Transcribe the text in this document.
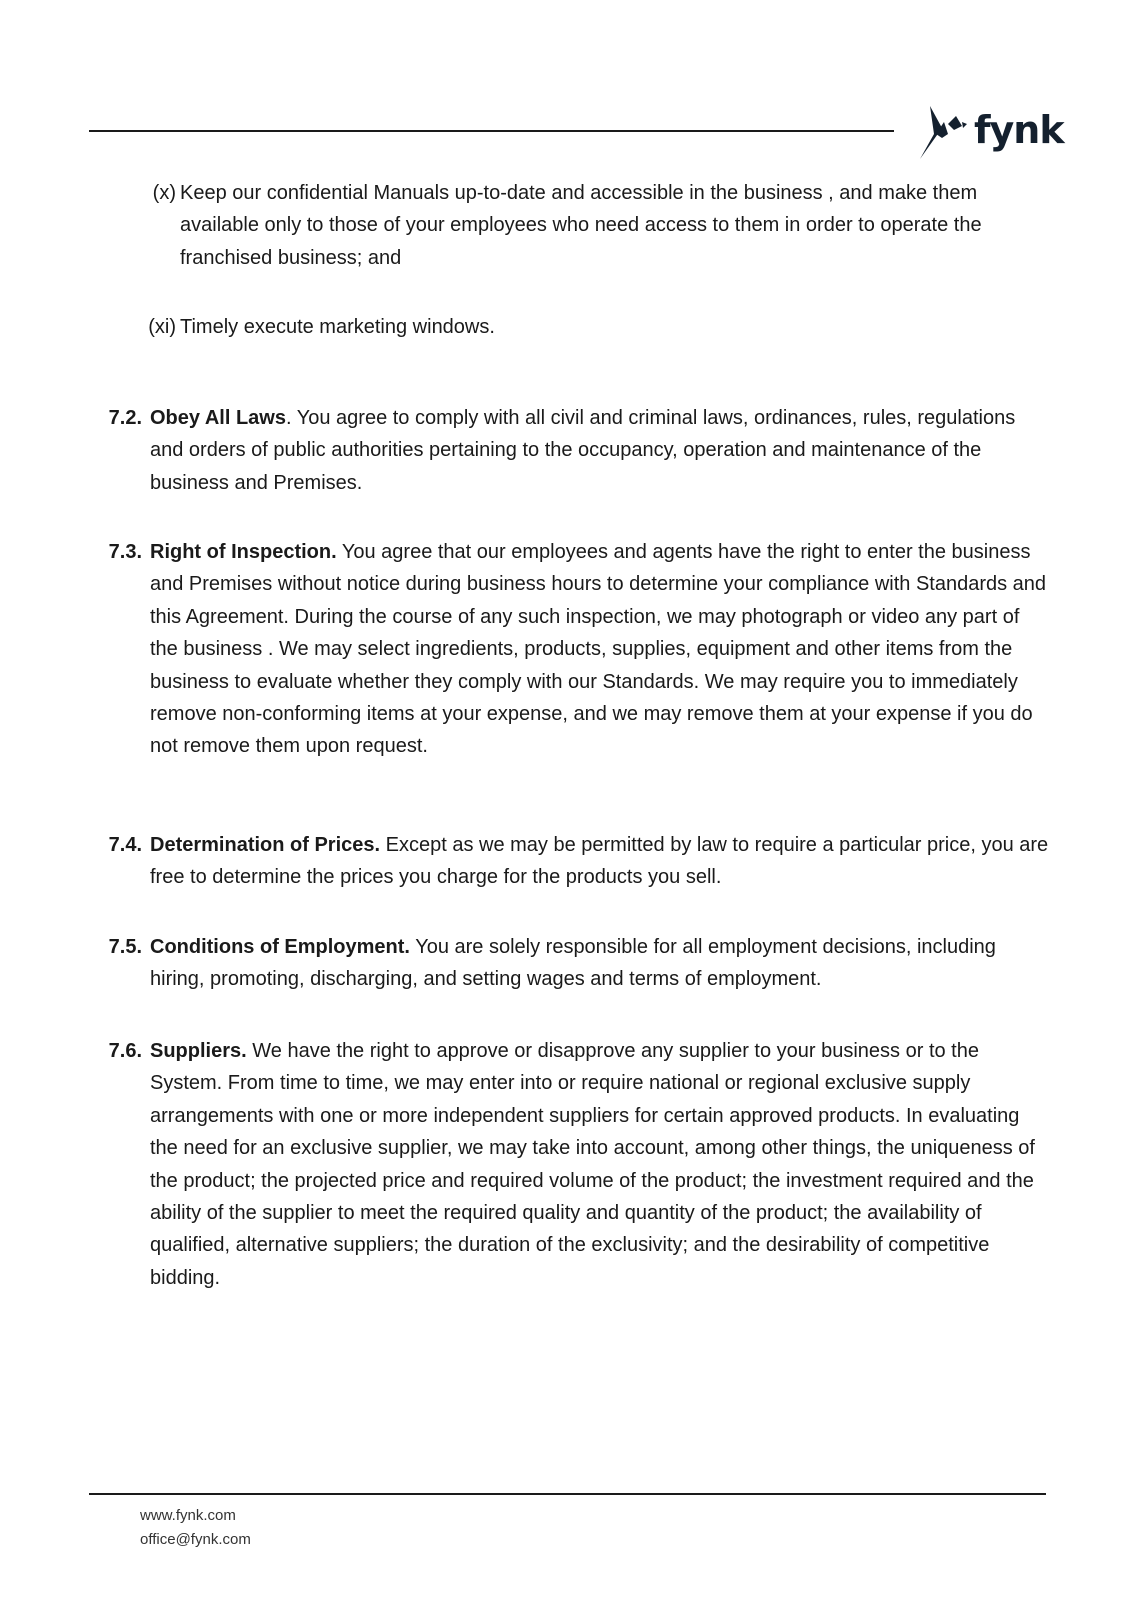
fynk
(x) Keep our confidential Manuals up-to-date and accessible in the business , and make them available only to those of your employees who need access to them in order to operate the franchised business; and
(xi) Timely execute marketing windows.
7.2. Obey All Laws. You agree to comply with all civil and criminal laws, ordinances, rules, regulations and orders of public authorities pertaining to the occupancy, operation and maintenance of the business and Premises.
7.3. Right of Inspection. You agree that our employees and agents have the right to enter the business and Premises without notice during business hours to determine your compliance with Standards and this Agreement. During the course of any such inspection, we may photograph or video any part of the business . We may select ingredients, products, supplies, equipment and other items from the business to evaluate whether they comply with our Standards. We may require you to immediately remove non-conforming items at your expense, and we may remove them at your expense if you do not remove them upon request.
7.4. Determination of Prices. Except as we may be permitted by law to require a particular price, you are free to determine the prices you charge for the products you sell.
7.5. Conditions of Employment. You are solely responsible for all employment decisions, including hiring, promoting, discharging, and setting wages and terms of employment.
7.6. Suppliers. We have the right to approve or disapprove any supplier to your business or to the System. From time to time, we may enter into or require national or regional exclusive supply arrangements with one or more independent suppliers for certain approved products. In evaluating the need for an exclusive supplier, we may take into account, among other things, the uniqueness of the product; the projected price and required volume of the product; the investment required and the ability of the supplier to meet the required quality and quantity of the product; the availability of qualified, alternative suppliers; the duration of the exclusivity; and the desirability of competitive bidding.
www.fynk.com
office@fynk.com
